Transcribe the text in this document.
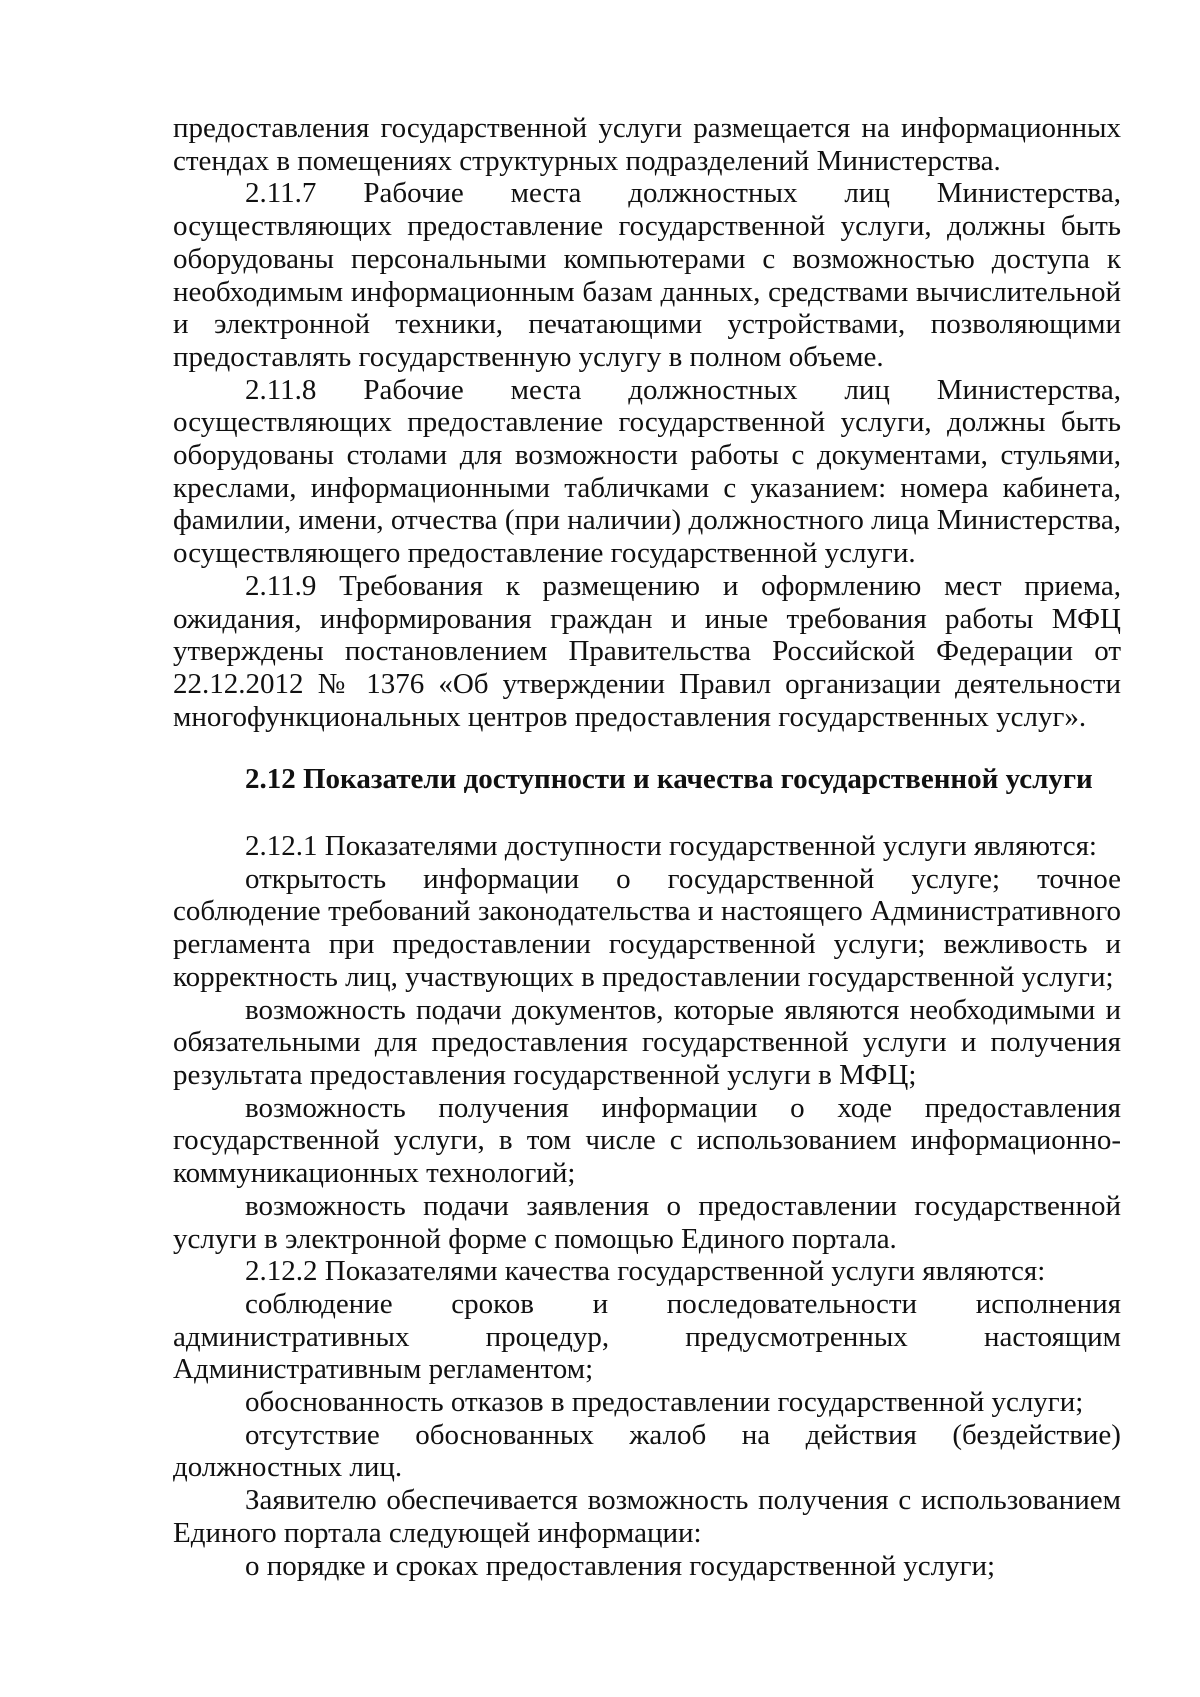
предоставления государственной услуги размещается на информационных стендах в помещениях структурных подразделений Министерства.

2.11.7 Рабочие места должностных лиц Министерства, осуществляющих предоставление государственной услуги, должны быть оборудованы персональными компьютерами с возможностью доступа к необходимым информационным базам данных, средствами вычислительной и электронной техники, печатающими устройствами, позволяющими предоставлять государственную услугу в полном объеме.

2.11.8 Рабочие места должностных лиц Министерства, осуществляющих предоставление государственной услуги, должны быть оборудованы столами для возможности работы с документами, стульями, креслами, информационными табличками с указанием: номера кабинета, фамилии, имени, отчества (при наличии) должностного лица Министерства, осуществляющего предоставление государственной услуги.

2.11.9 Требования к размещению и оформлению мест приема, ожидания, информирования граждан и иные требования работы МФЦ утверждены постановлением Правительства Российской Федерации от 22.12.2012 № 1376 «Об утверждении Правил организации деятельности многофункциональных центров предоставления государственных услуг».

2.12 Показатели доступности и качества государственной услуги

2.12.1 Показателями доступности государственной услуги являются:

открытость информации о государственной услуге; точное соблюдение требований законодательства и настоящего Административного регламента при предоставлении государственной услуги; вежливость и корректность лиц, участвующих в предоставлении государственной услуги;

возможность подачи документов, которые являются необходимыми и обязательными для предоставления государственной услуги и получения результата предоставления государственной услуги в МФЦ;

возможность получения информации о ходе предоставления государственной услуги, в том числе с использованием информационно-коммуникационных технологий;

возможность подачи заявления о предоставлении государственной услуги в электронной форме с помощью Единого портала.

2.12.2 Показателями качества государственной услуги являются:

соблюдение сроков и последовательности исполнения
административных	процедур,	предусмотренных	настоящим

Административным регламентом;

обоснованность отказов в предоставлении государственной услуги;

отсутствие обоснованных жалоб на действия (бездействие)

должностных лиц.

Заявителю обеспечивается возможность получения с использованием Единого портала следующей информации:

о порядке и сроках предоставления государственной услуги;
